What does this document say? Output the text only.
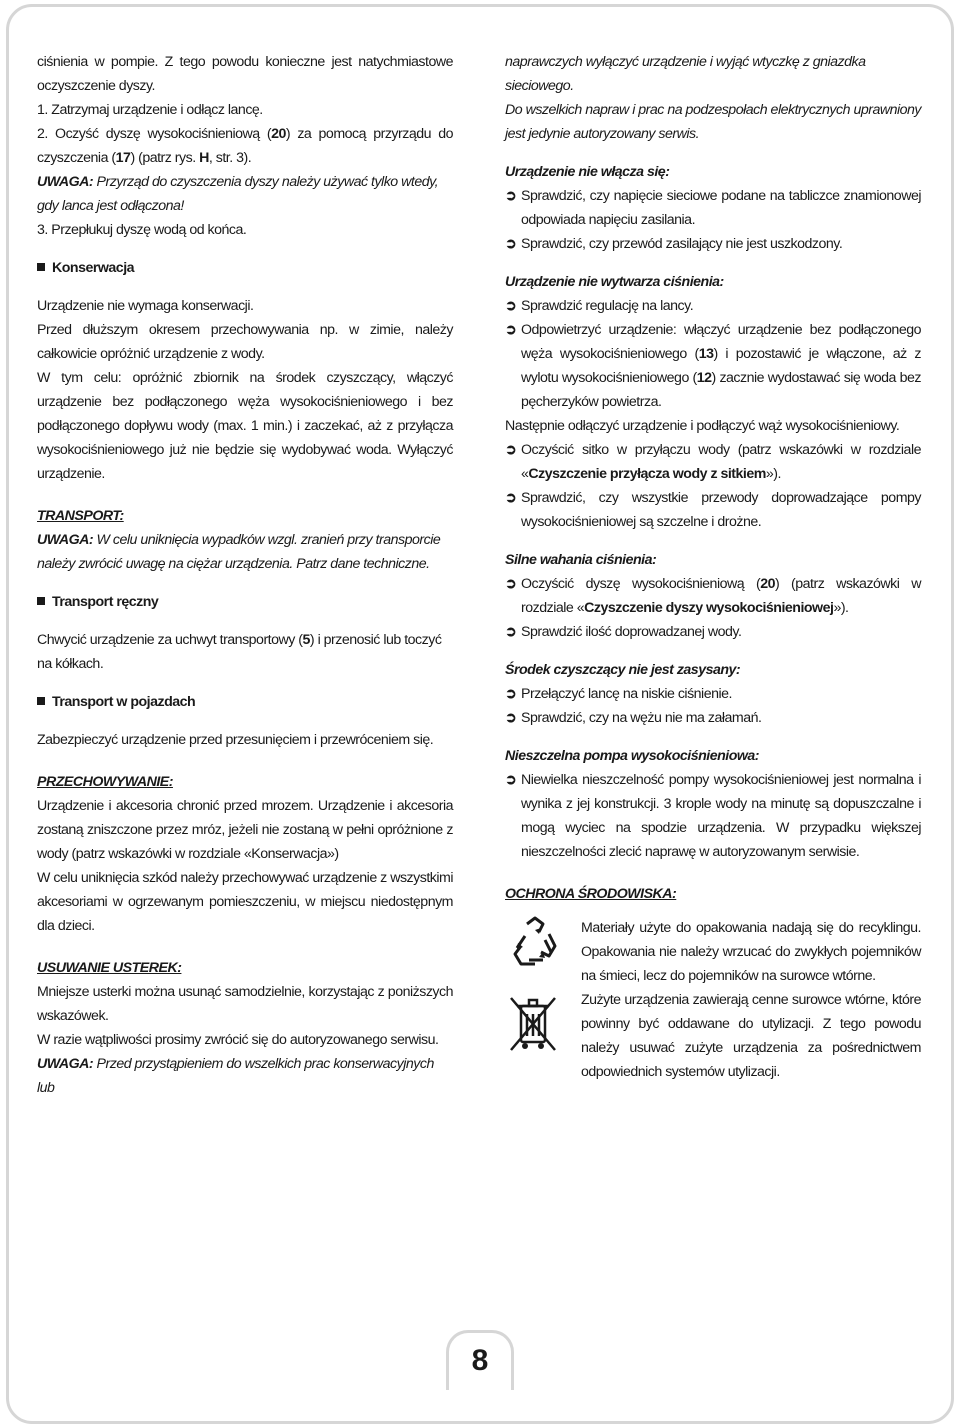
ciśnienia w pompie. Z tego powodu konieczne jest natychmiastowe oczyszczenie dyszy.

1. Zatrzymaj urządzenie i odłącz lancę.

2. Oczyść dyszę wysokociśnieniową (20) za pomocą przyrządu do czyszczenia (17) (patrz rys. H, str. 3).

UWAGA: Przyrząd do czyszczenia dyszy należy używać tylko wtedy, gdy lanca jest odłączona!

3. Przepłukuj dyszę wodą od końca.

Konserwacja

Urządzenie nie wymaga konserwacji.

Przed dłuższym okresem przechowywania np. w zimie, należy całkowicie opróżnić urządzenie z wody.

W tym celu: opróżnić zbiornik na środek czyszczący, włączyć urządzenie bez podłączonego węża wysokociśnieniowego i bez podłączonego dopływu wody (max. 1 min.) i zaczekać, aż z przyłącza wysokociśnieniowego już nie będzie się wydobywać woda. Wyłączyć urządzenie.

TRANSPORT:

UWAGA: W celu uniknięcia wypadków wzgl. zranień przy transporcie należy zwrócić uwagę na ciężar urządzenia. Patrz dane techniczne.

Transport ręczny

Chwycić urządzenie za uchwyt transportowy (5) i przenosić lub toczyć na kółkach.

Transport w pojazdach

Zabezpieczyć urządzenie przed przesunięciem i przewróceniem się.

PRZECHOWYWANIE:

Urządzenie i akcesoria chronić przed mrozem. Urządzenie i akcesoria zostaną zniszczone przez mróz, jeżeli nie zostaną w pełni opróżnione z wody (patrz wskazówki w rozdziale «Konserwacja»)

W celu uniknięcia szkód należy przechowywać urządzenie z wszystkimi akcesoriami w ogrzewanym pomieszczeniu, w miejscu niedostępnym dla dzieci.

USUWANIE USTEREK:

Mniejsze usterki można usunąć samodzielnie, korzystając z poniższych wskazówek.

W razie wątpliwości prosimy zwrócić się do autoryzowanego serwisu.

UWAGA: Przed przystąpieniem do wszelkich prac konserwacyjnych lub

naprawczych wyłączyć urządzenie i wyjąć wtyczkę z gniazdka sieciowego.

Do wszelkich napraw i prac na podzespołach elektrycznych uprawniony jest jedynie autoryzowany serwis.

Urządzenie nie włącza się:

➲ Sprawdzić, czy napięcie sieciowe podane na tabliczce znamionowej odpowiada napięciu zasilania.

➲ Sprawdzić, czy przewód zasilający nie jest uszkodzony.

Urządzenie nie wytwarza ciśnienia:

➲ Sprawdzić regulację na lancy.

➲ Odpowietrzyć urządzenie: włączyć urządzenie bez podłączonego węża wysokociśnieniowego (13) i pozostawić je włączone, aż z wylotu wysokociśnieniowego (12) zacznie wydostawać się woda bez pęcherzyków powietrza.

Następnie odłączyć urządzenie i podłączyć wąż wysokociśnieniowy.

➲ Oczyścić sitko w przyłączu wody (patrz wskazówki w rozdziale «Czyszczenie przyłącza wody z sitkiem»).

➲ Sprawdzić, czy wszystkie przewody doprowadzające pompy wysokociśnieniowej są szczelne i drożne.

Silne wahania ciśnienia:

➲ Oczyścić dyszę wysokociśnieniową (20) (patrz wskazówki w rozdziale «Czyszczenie dyszy wysokociśnieniowej»).

➲ Sprawdzić ilość doprowadzanej wody.

Środek czyszczący nie jest zasysany:

➲ Przełączyć lancę na niskie ciśnienie.

➲ Sprawdzić, czy na wężu nie ma załamań.

Nieszczelna pompa wysokociśnieniowa:

➲ Niewielka nieszczelność pompy wysokociśnieniowej jest normalna i wynika z jej konstrukcji. 3 krople wody na minutę są dopuszczalne i mogą wyciec na spodzie urządzenia. W przypadku większej nieszczelności zlecić naprawę w autoryzowanym serwisie.

OCHRONA ŚRODOWISKA:

Materiały użyte do opakowania nadają się do recyklingu. Opakowania nie należy wrzucać do zwykłych pojemników na śmieci, lecz do pojemników na surowce wtórne.

Zużyte urządzenia zawierają cenne surowce wtórne, które powinny być oddawane do utylizacji. Z tego powodu należy usuwać zużyte urządzenia za pośrednictwem odpowiednich systemów utylizacji.

8
